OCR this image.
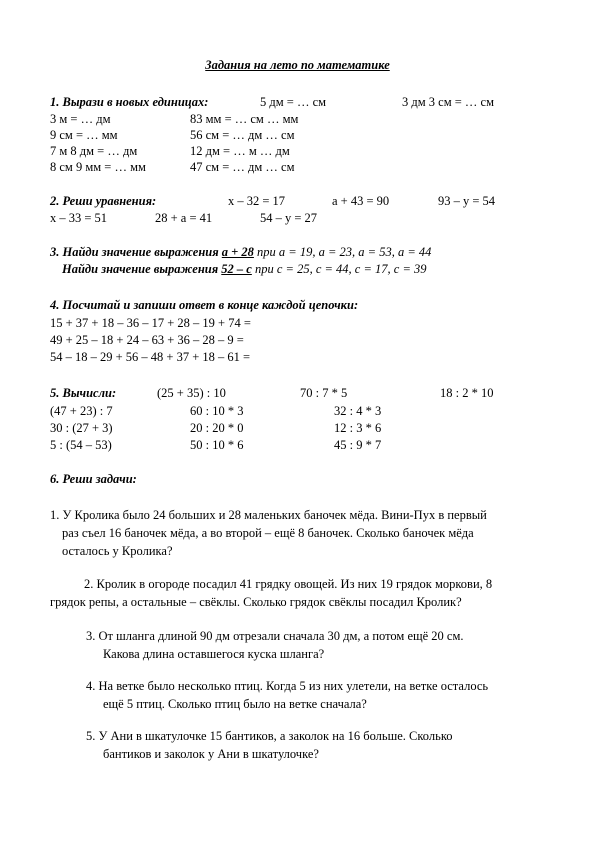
Задания на лето по математике
1. Вырази в новых единицах:	5 дм = … см	3 дм 3 см = … см
3 м = … дм	83 мм = … см … мм
9 см = … мм	56 см = … дм … см
7 м 8 дм = … дм	12 дм = … м … дм
8 см 9 мм = … мм	47 см = … дм … см
2. Реши уравнения:	х – 32 = 17	а + 43 = 90	93 – у = 54
х – 33 = 51	28 + а = 41	54 – у = 27
3. Найди значение выражения а + 28 при а = 19, а = 23, а = 53, а = 44
Найди значение выражения 52 – с при с = 25, с = 44, с = 17, с = 39
4. Посчитай и запиши ответ в конце каждой цепочки:
15 + 37 + 18 – 36 – 17 + 28 – 19 + 74 =
49 + 25 – 18 + 24 – 63 + 36 – 28 – 9 =
54 – 18 – 29 + 56 – 48 + 37 + 18 – 61 =
5. Вычисли:	(25 + 35) : 10	70 : 7 * 5	18 : 2 * 10
(47 + 23) : 7	60 : 10 * 3	32 : 4 * 3
30 : (27 + 3)	20 : 20 * 0	12 : 3 * 6
5 : (54 – 53)	50 : 10 * 6	45 : 9 * 7
6. Реши задачи:
1. У Кролика было 24 больших и 28 маленьких баночек мёда. Вини-Пух в первый
раз съел 16 баночек мёда, а во второй – ещё 8 баночек. Сколько баночек мёда
осталось у Кролика?
2. Кролик в огороде посадил 41 грядку овощей. Из них 19 грядок моркови, 8
грядок репы, а остальные – свёклы. Сколько грядок свёклы посадил Кролик?
3. От шланга длиной 90 дм отрезали сначала 30 дм, а потом ещё 20 см.
Какова длина оставшегося куска шланга?
4. На ветке было несколько птиц. Когда 5 из них улетели, на ветке осталось
ещё 5 птиц. Сколько птиц было на ветке сначала?
5. У Ани в шкатулочке 15 бантиков, а заколок на 16 больше. Сколько
бантиков и заколок у Ани в шкатулочке?
